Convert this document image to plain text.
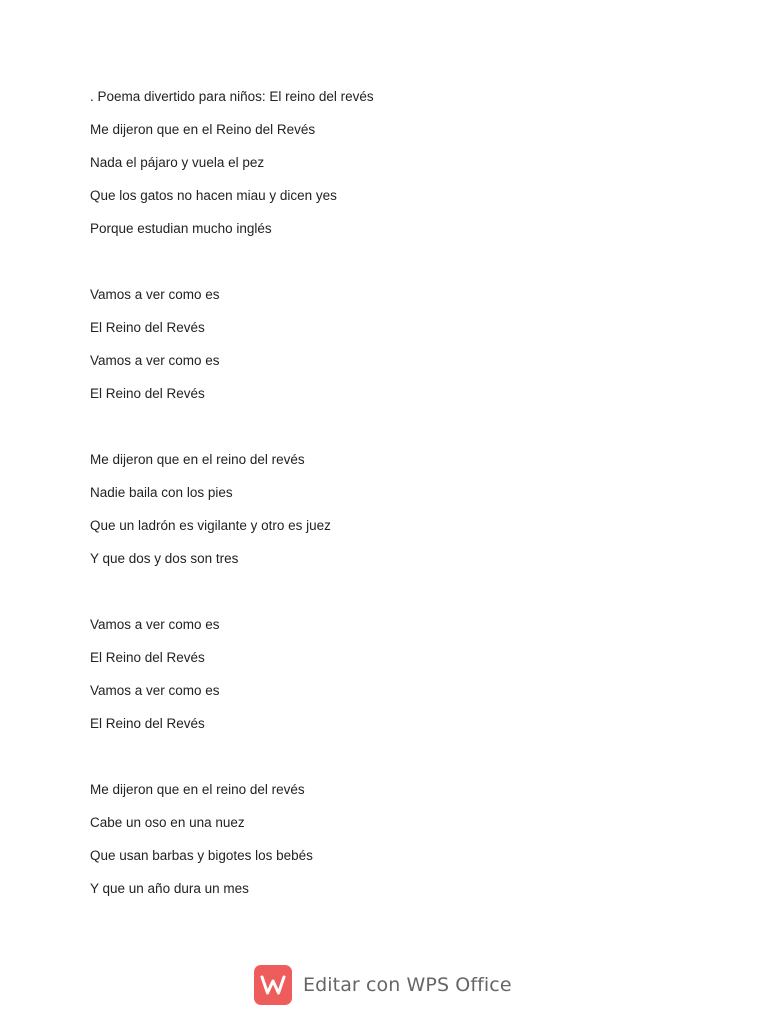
. Poema divertido para niños: El reino del revés
Me dijeron que en el Reino del Revés
Nada el pájaro y vuela el pez
Que los gatos no hacen miau y dicen yes
Porque estudian mucho inglés
Vamos a ver como es
El Reino del Revés
Vamos a ver como es
El Reino del Revés
Me dijeron que en el reino del revés
Nadie baila con los pies
Que un ladrón es vigilante y otro es juez
Y que dos y dos son tres
Vamos a ver como es
El Reino del Revés
Vamos a ver como es
El Reino del Revés
Me dijeron que en el reino del revés
Cabe un oso en una nuez
Que usan barbas y bigotes los bebés
Y que un año dura un mes
Editar con WPS Office
